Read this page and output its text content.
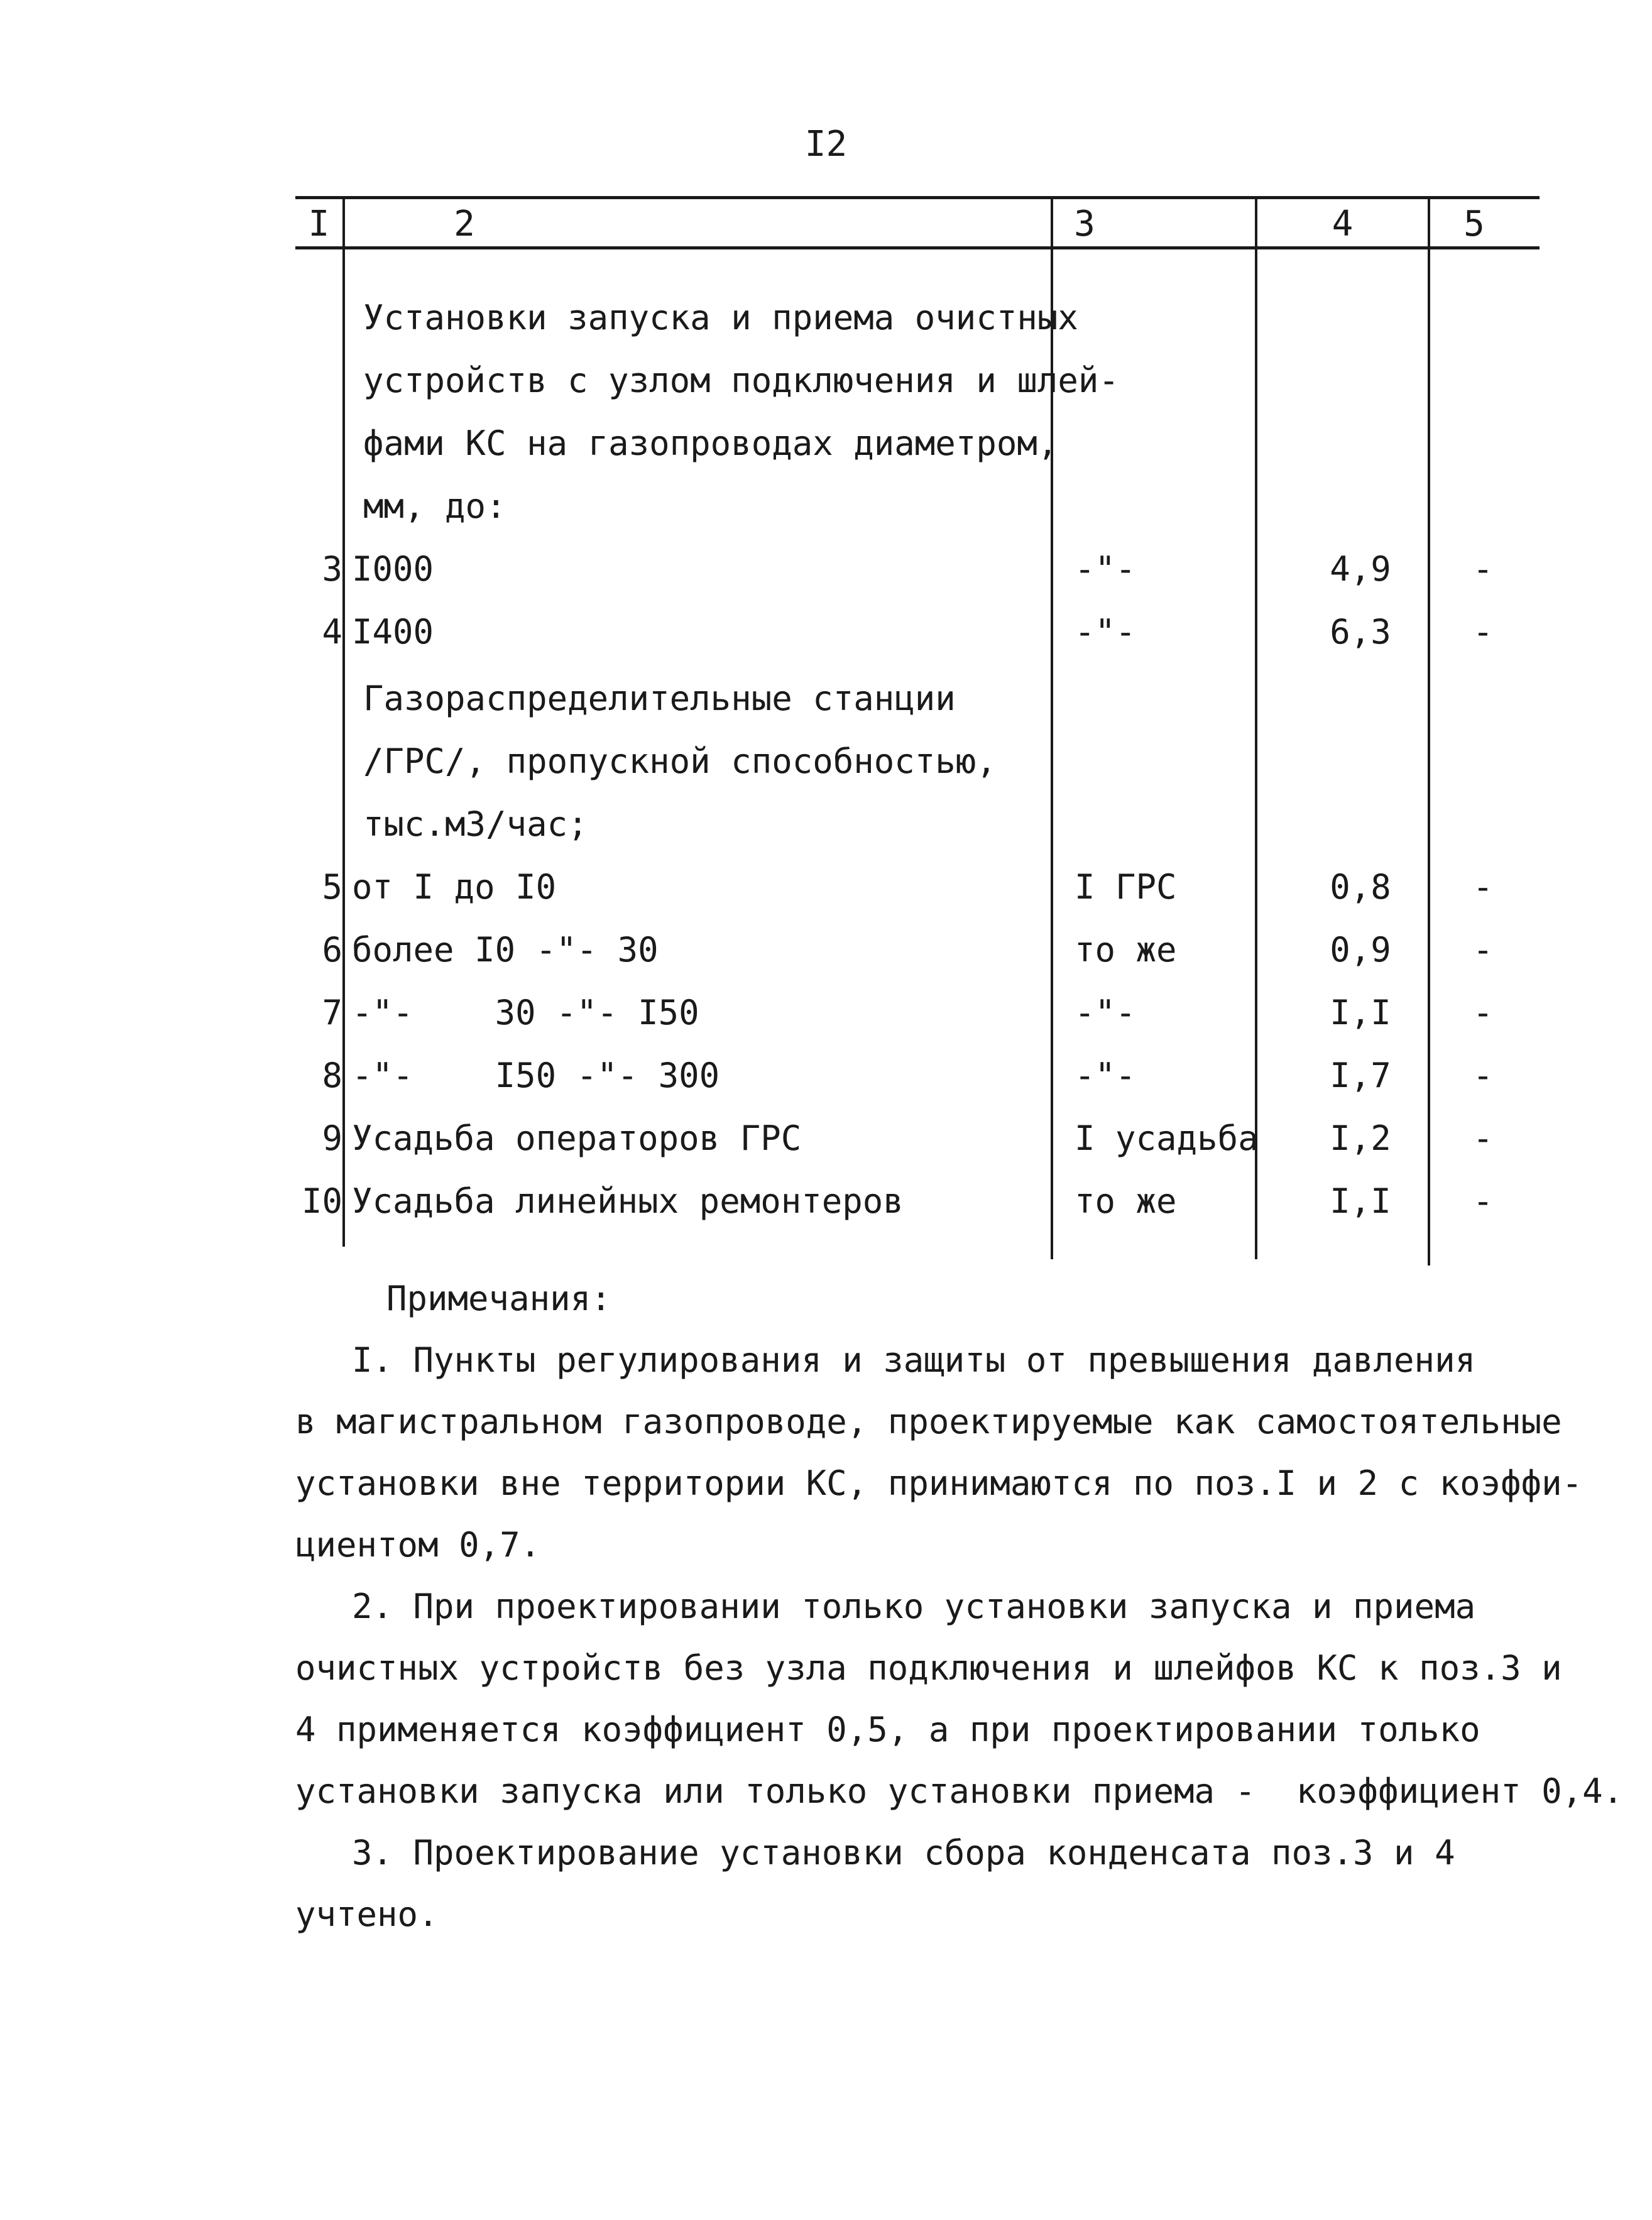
I2
I	2	3	4	5
Установки запуска и приема очистных
устройств с узлом подключения и шлей-
фами КС на газопроводах диаметром,
мм, до:
3 I000	-"-	4,9	-
4 I400	-"-	6,3	-
Газораспределительные станции
/ГРС/, пропускной способностью,
тыс.м3/час;
5 от I до I0	I ГРС	0,8	-
6 более I0 -"- 30	то же	0,9	-
7 -"-    30 -"- I50	-"-	I,I	-
8 -"-    I50 -"- 300	-"-	I,7	-
9 Усадьба операторов ГРС	I усадьба	I,2	-
I0 Усадьба линейных ремонтеров	то же	I,I	-

Примечания:

I. Пункты регулирования и защиты от превышения давления

в магистральном газопроводе, проектируемые как самостоятельные

установки вне территории КС, принимаются по поз.I и 2 с коэффи-

циентом 0,7.

2. При проектировании только установки запуска и приема

очистных устройств без узла подключения и шлейфов КС к поз.3 и

4 применяется коэффициент 0,5, а при проектировании только

установки запуска или только установки приема -  коэффициент 0,4.

3. Проектирование установки сбора конденсата поз.3 и 4

учтено.
